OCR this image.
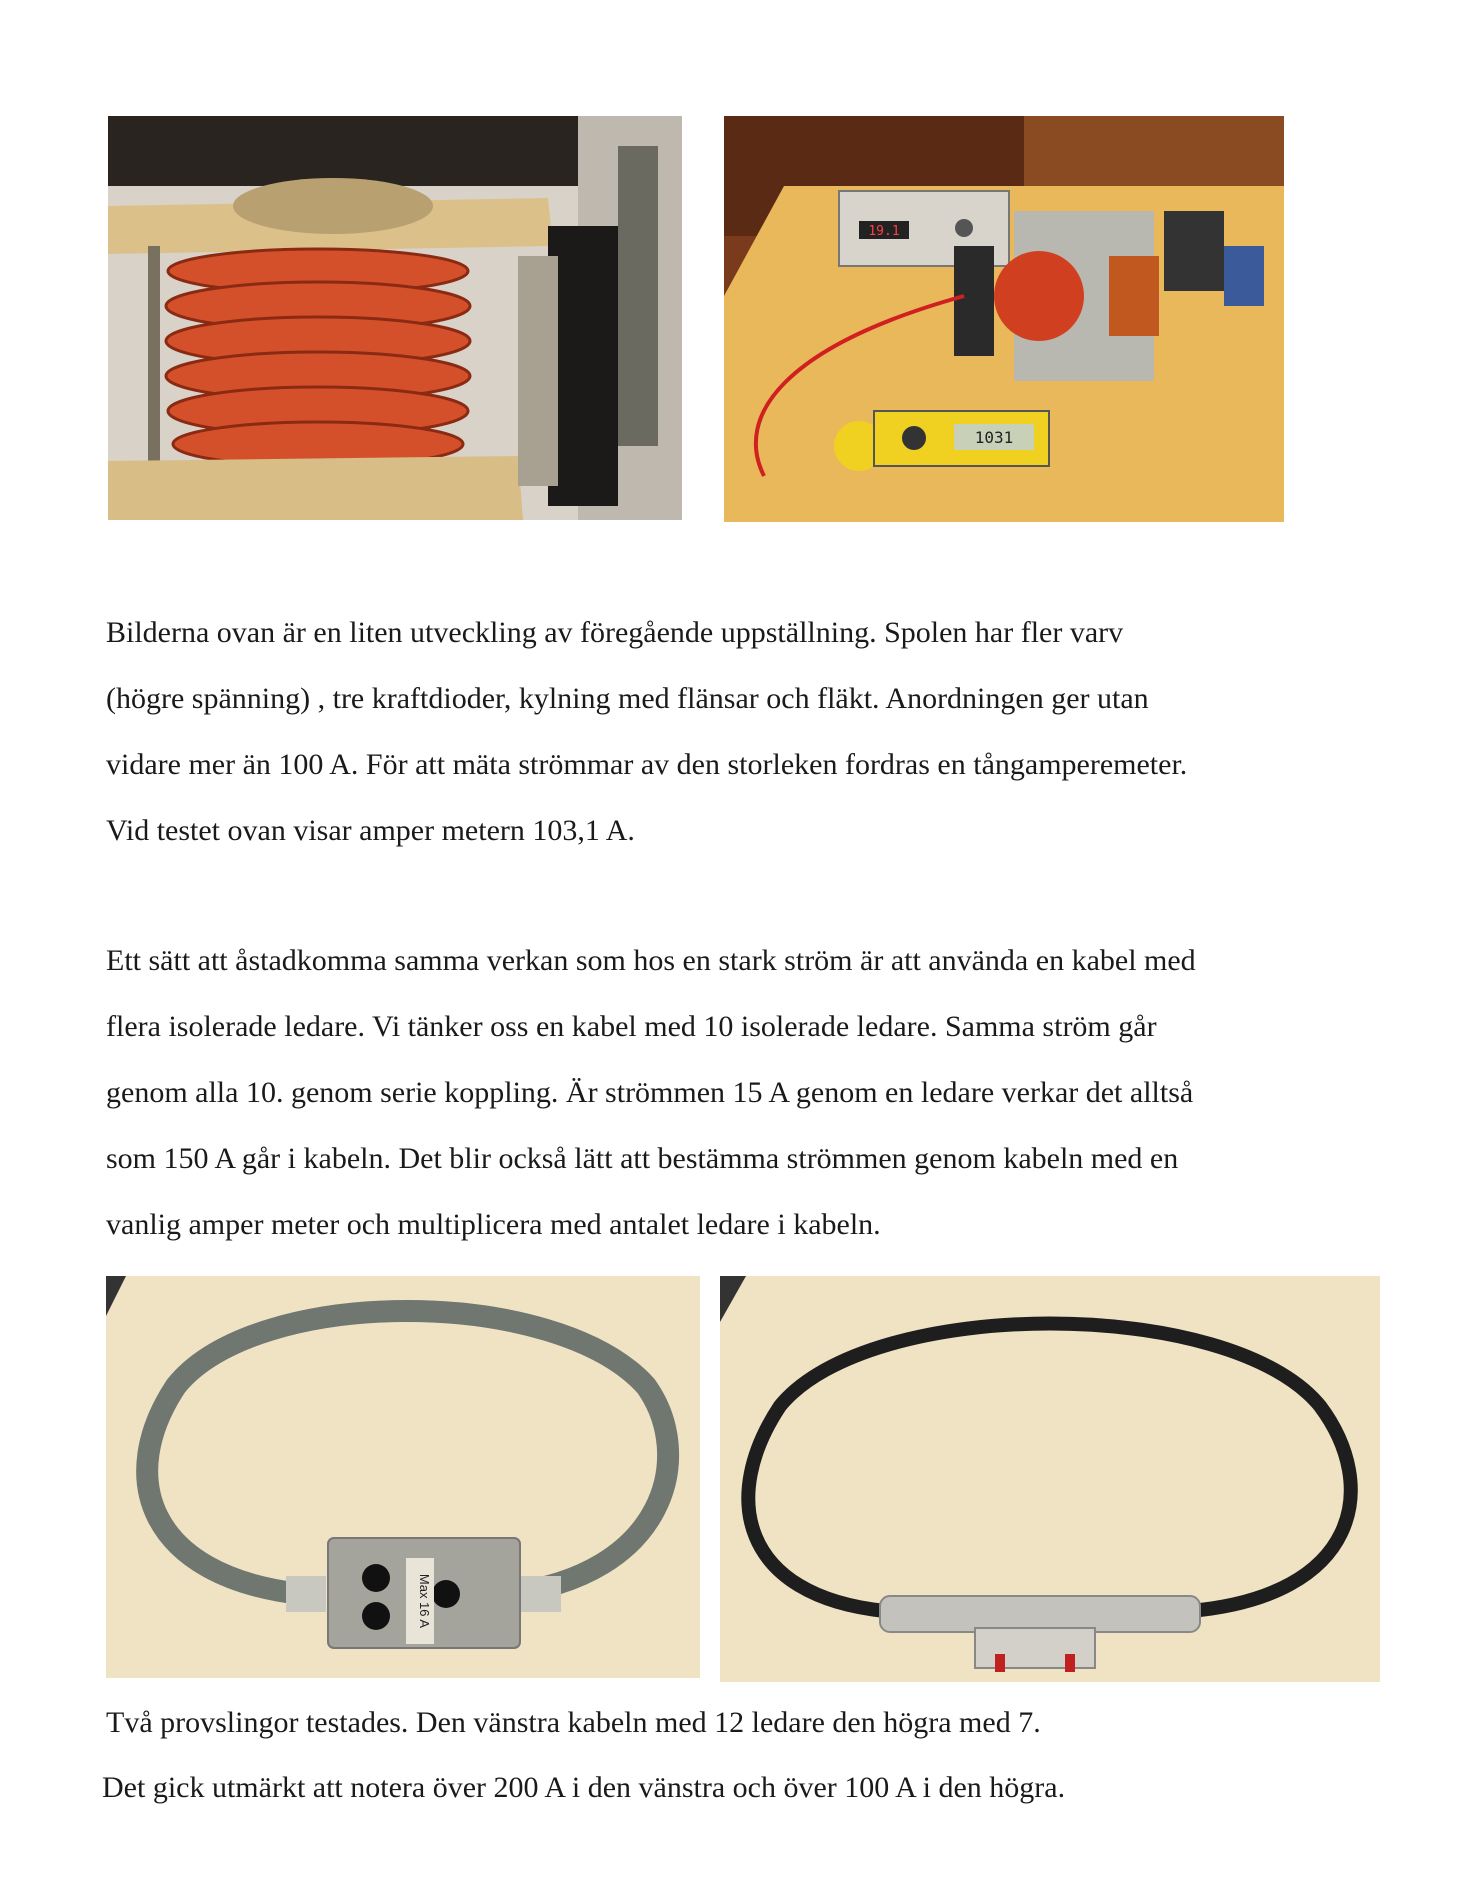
19.1
1031
Bilderna ovan är en liten utveckling av föregående uppställning. Spolen har fler varv
(högre spänning) , tre kraftdioder, kylning med flänsar och fläkt. Anordningen ger utan
vidare mer än 100 A. För att mäta strömmar av den storleken fordras en tångamperemeter.
Vid testet ovan visar amper metern 103,1 A.
Ett sätt att åstadkomma samma verkan som hos en stark ström är att använda en kabel med
flera isolerade ledare. Vi tänker oss en kabel med 10 isolerade ledare. Samma ström går
genom alla 10. genom serie koppling. Är strömmen 15 A genom en ledare verkar det alltså
som 150 A går i kabeln. Det blir också lätt att bestämma strömmen genom kabeln med en
vanlig amper meter och multiplicera med antalet ledare i kabeln.
Max 16 A
Två provslingor testades. Den vänstra kabeln med 12 ledare den högra med 7.
Det gick utmärkt att notera över 200 A i den vänstra och över 100 A i den högra.
